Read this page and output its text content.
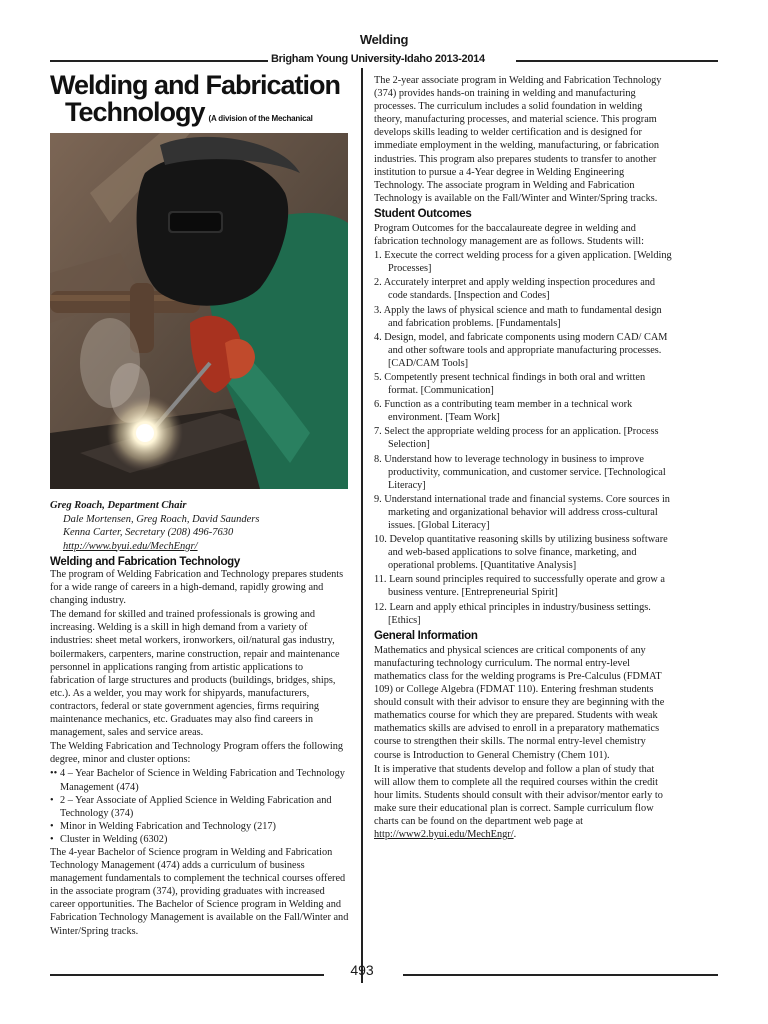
Welding
Brigham Young University-Idaho 2013-2014
Welding and Fabrication
Technology (A division of the Mechanical
Greg Roach, Department Chair
Dale Mortensen, Greg Roach, David Saunders
Kenna Carter, Secretary (208) 496-7630
http://www.byui.edu/MechEngr/
Welding and Fabrication Technology

The program of Welding Fabrication and Technology prepares students for a wide range of careers in a high-demand, rapidly growing and changing industry.

The demand for skilled and trained professionals is growing and increasing. Welding is a skill in high demand from a variety of industries: sheet metal workers, ironworkers, oil/natural gas industry, boilermakers, carpenters, marine construction, repair and maintenance personnel in applications ranging from artistic applications to fabrication of large structures and products (buildings, bridges, ships, etc.). As a welder, you may work for shipyards, manufacturers, contractors, federal or state government agencies, firms requiring maintenance mechanics, etc. Graduates may also find careers in management, sales and service areas.

The Welding Fabrication and Technology Program offers the following degree, minor and cluster options:

•• 4 – Year Bachelor of Science in Welding Fabrication and Technology Management (474)
• 2 – Year Associate of Applied Science in Welding Fabrication and Technology (374)
• Minor in Welding Fabrication and Technology (217)
• Cluster in Welding (6302)

The 4-year Bachelor of Science program in Welding and Fabrication Technology Management (474) adds a curriculum of business management fundamentals to complement the technical courses offered in the associate program (374), providing graduates with increased career opportunities. The Bachelor of Science program in Welding and Fabrication Technology Management is available on the Fall/Winter and Winter/Spring tracks.

The 2-year associate program in Welding and Fabrication Technology (374) provides hands-on training in welding and manufacturing processes. The curriculum includes a solid foundation in welding theory, manufacturing processes, and material science. This program develops skills leading to welder certification and is designed for immediate employment in the welding, manufacturing, or fabrication industries. This program also prepares students to transfer to another institution to pursue a 4-Year degree in Welding Engineering Technology. The associate program in Welding and Fabrication Technology is available on the Fall/Winter and Winter/Spring tracks.

Student Outcomes

Program Outcomes for the baccalaureate degree in welding and fabrication technology management are as follows. Students will:

1. Execute the correct welding process for a given application. [Welding Processes]
2. Accurately interpret and apply welding inspection procedures and code standards. [Inspection and Codes]
3. Apply the laws of physical science and math to fundamental design and fabrication problems. [Fundamentals]
4. Design, model, and fabricate components using modern CAD/ CAM and other software tools and appropriate manufacturing processes. [CAD/CAM Tools]
5. Competently present technical findings in both oral and written format. [Communication]
6. Function as a contributing team member in a technical work environment. [Team Work]
7. Select the appropriate welding process for an application. [Process Selection]
8. Understand how to leverage technology in business to improve productivity, communication, and customer service. [Technological Literacy]
9. Understand international trade and financial systems. Core sources in marketing and organizational behavior will address cross-cultural issues. [Global Literacy]
10. Develop quantitative reasoning skills by utilizing business software and web-based applications to solve finance, marketing, and operational problems. [Quantitative Analysis]
11. Learn sound principles required to successfully operate and grow a business venture. [Entrepreneurial Spirit]
12. Learn and apply ethical principles in industry/business settings. [Ethics]
General Information

Mathematics and physical sciences are critical components of any manufacturing technology curriculum. The normal entry-level mathematics class for the welding programs is Pre-Calculus (FDMAT 109) or College Algebra (FDMAT 110). Entering freshman students should consult with their advisor to ensure they are beginning with the mathematics course for which they are prepared. Students with weak mathematics skills are advised to enroll in a preparatory mathematics course to strengthen their skills. The normal entry-level chemistry course is Introduction to General Chemistry (Chem 101).

It is imperative that students develop and follow a plan of study that will allow them to complete all the required courses within the credit hour limits. Students should consult with their advisor/mentor early to make sure their educational plan is correct. Sample curriculum flow charts can be found on the department web page at http://www2.byui.edu/MechEngr/.

493
